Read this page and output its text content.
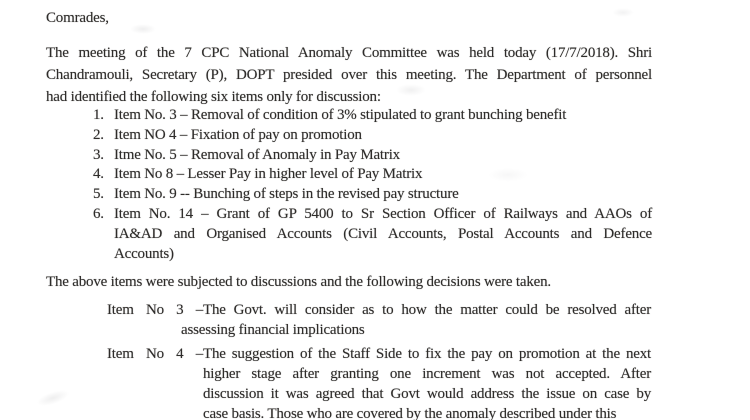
Comrades,
The meeting of the 7 CPC National Anomaly Committee was held today (17/7/2018). Shri
Chandramouli, Secretary (P), DOPT presided over this meeting. The Department of personnel
had identified the following six items only for discussion:
1. Item No. 3 – Removal of condition of 3% stipulated to grant bunching benefit
2. Item NO 4 – Fixation of pay on promotion
3. Itme No. 5 – Removal of Anomaly in Pay Matrix
4. Item No 8 – Lesser Pay in higher level of Pay Matrix
5. Item No. 9 -- Bunching of steps in the revised pay structure
6. Item No. 14 – Grant of GP 5400 to Sr Section Officer of Railways and AAOs of
IA&AD and Organised Accounts (Civil Accounts, Postal Accounts and Defence
Accounts)
The above items were subjected to discussions and the following decisions were taken.
Item No 3 – The Govt. will consider as to how the matter could be resolved after
assessing financial implications
Item No 4 – The suggestion of the Staff Side to fix the pay on promotion at the next
higher stage after granting one increment was not accepted. After
discussion it was agreed that Govt would address the issue on case by
case basis. Those who are covered by the anomaly described under this
